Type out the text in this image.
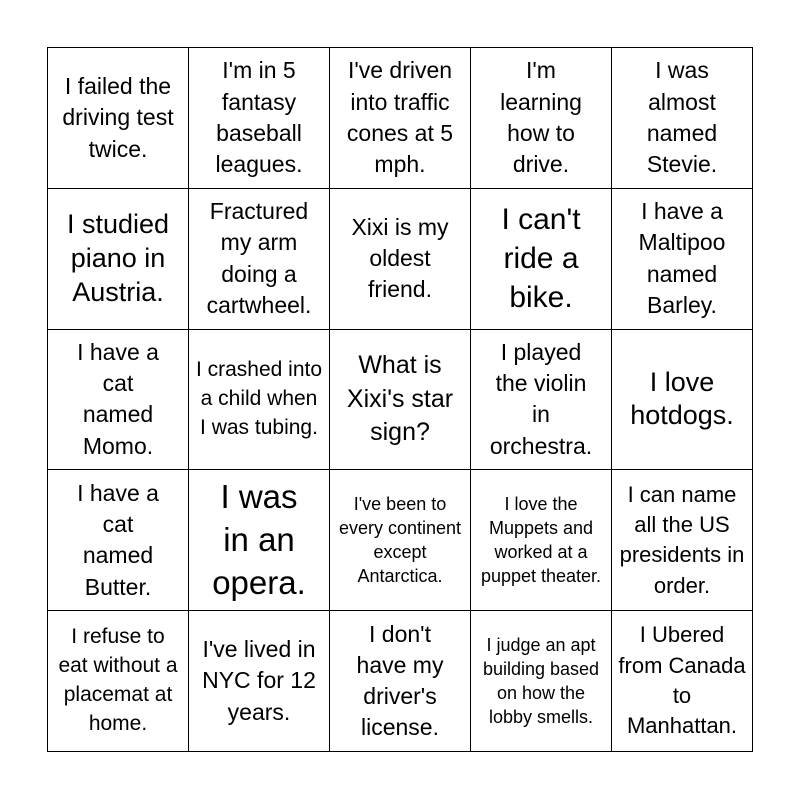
I failed the driving test twice.
I'm in 5 fantasy baseball leagues.
I've driven into traffic cones at 5 mph.
I'm learning how to drive.
I was almost named Stevie.
I studied piano in Austria.
Fractured my arm doing a cartwheel.
Xixi is my oldest friend.
I can't ride a bike.
I have a Maltipoo named Barley.
I have a cat named Momo.
I crashed into a child when I was tubing.
What is Xixi's star sign?
I played the violin in orchestra.
I love hotdogs.
I have a cat named Butter.
I was in an opera.
I've been to every continent except Antarctica.
I love the Muppets and worked at a puppet theater.
I can name all the US presidents in order.
I refuse to eat without a placemat at home.
I've lived in NYC for 12 years.
I don't have my driver's license.
I judge an apt building based on how the lobby smells.
I Ubered from Canada to Manhattan.
